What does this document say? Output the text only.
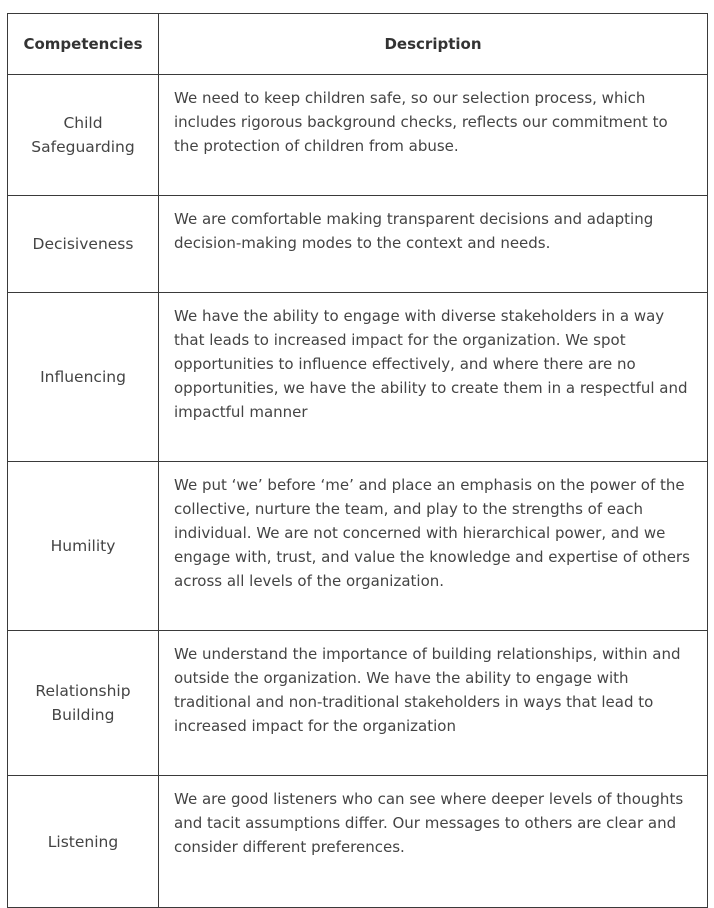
Competencies	Description
Child Safeguarding	We need to keep children safe, so our selection process, which includes rigorous background checks, reflects our commitment to the protection of children from abuse.
Decisiveness	We are comfortable making transparent decisions and adapting decision-making modes to the context and needs.
Influencing	We have the ability to engage with diverse stakeholders in a way that leads to increased impact for the organization. We spot opportunities to influence effectively, and where there are no opportunities, we have the ability to create them in a respectful and impactful manner
Humility	We put ‘we’ before ‘me’ and place an emphasis on the power of the collective, nurture the team, and play to the strengths of each individual. We are not concerned with hierarchical power, and we engage with, trust, and value the knowledge and expertise of others across all levels of the organization.
Relationship Building	We understand the importance of building relationships, within and outside the organization. We have the ability to engage with traditional and non-traditional stakeholders in ways that lead to increased impact for the organization
Listening	We are good listeners who can see where deeper levels of thoughts and tacit assumptions differ. Our messages to others are clear and consider different preferences.
